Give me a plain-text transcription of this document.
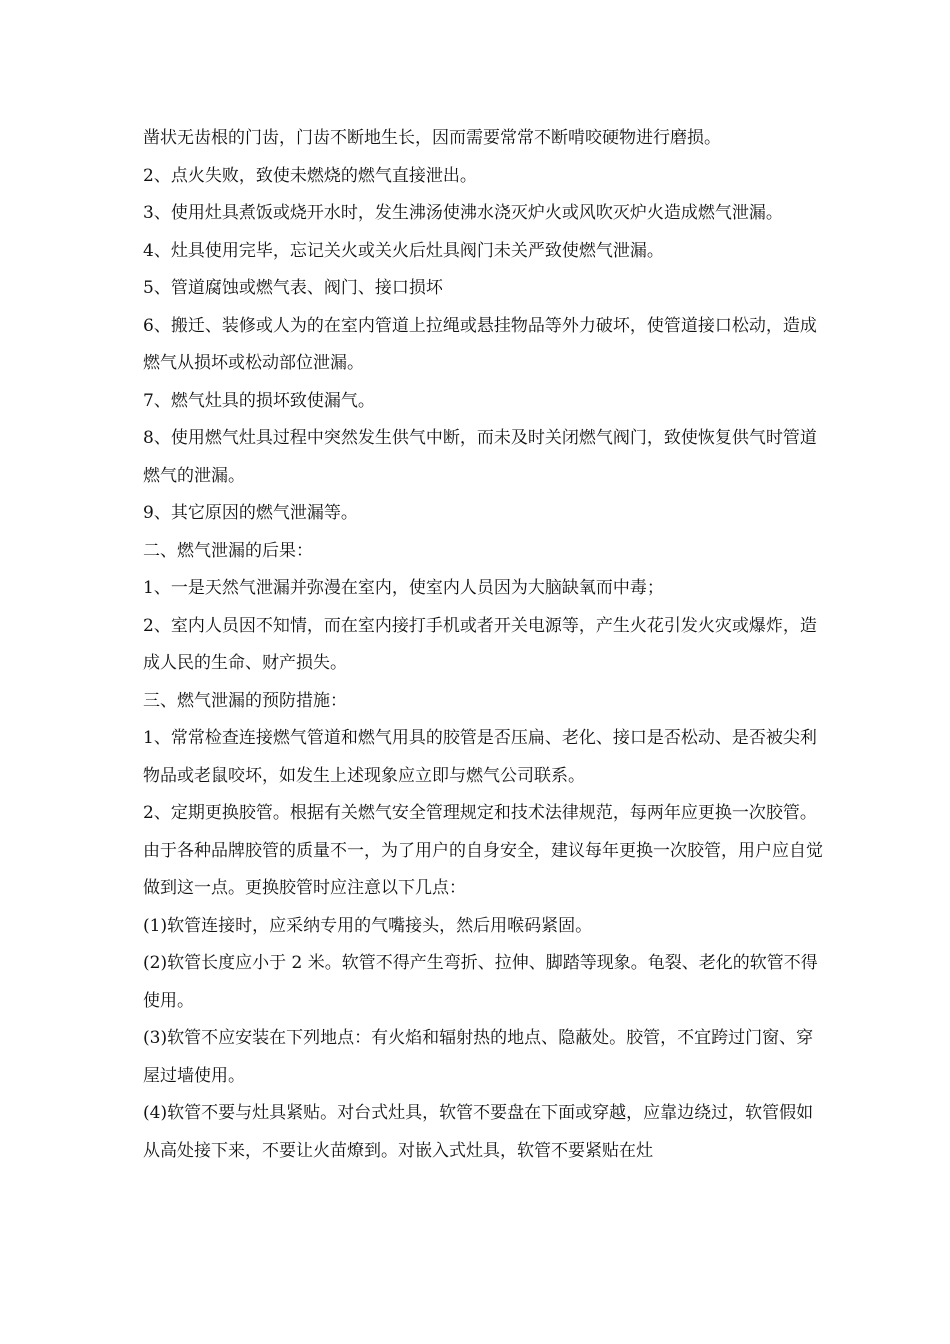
凿状无齿根的门齿，门齿不断地生长，因而需要常常不断啃咬硬物进行磨损。

2、点火失败，致使未燃烧的燃气直接泄出。

3、使用灶具煮饭或烧开水时，发生沸汤使沸水浇灭炉火或风吹灭炉火造成燃气泄漏。

4、灶具使用完毕，忘记关火或关火后灶具阀门未关严致使燃气泄漏。

5、管道腐蚀或燃气表、阀门、接口损坏

6、搬迁、装修或人为的在室内管道上拉绳或悬挂物品等外力破坏，使管道接口松动，造成燃气从损坏或松动部位泄漏。

7、燃气灶具的损坏致使漏气。

8、使用燃气灶具过程中突然发生供气中断，而未及时关闭燃气阀门，致使恢复供气时管道燃气的泄漏。

9、其它原因的燃气泄漏等。

二、燃气泄漏的后果：

1、一是天然气泄漏并弥漫在室内，使室内人员因为大脑缺氧而中毒；

2、室内人员因不知情，而在室内接打手机或者开关电源等，产生火花引发火灾或爆炸，造成人民的生命、财产损失。

三、燃气泄漏的预防措施：

1、常常检查连接燃气管道和燃气用具的胶管是否压扁、老化、接口是否松动、是否被尖利物品或老鼠咬坏，如发生上述现象应立即与燃气公司联系。

2、定期更换胶管。根据有关燃气安全管理规定和技术法律规范，每两年应更换一次胶管。由于各种品牌胶管的质量不一，为了用户的自身安全，建议每年更换一次胶管，用户应自觉做到这一点。更换胶管时应注意以下几点：

(1)软管连接时，应采纳专用的气嘴接头，然后用喉码紧固。

(2)软管长度应小于 2 米。软管不得产生弯折、拉伸、脚踏等现象。龟裂、老化的软管不得使用。

(3)软管不应安装在下列地点：有火焰和辐射热的地点、隐蔽处。胶管，不宜跨过门窗、穿屋过墙使用。

(4)软管不要与灶具紧贴。对台式灶具，软管不要盘在下面或穿越，应靠边绕过，软管假如从高处接下来，不要让火苗燎到。对嵌入式灶具，软管不要紧贴在灶
